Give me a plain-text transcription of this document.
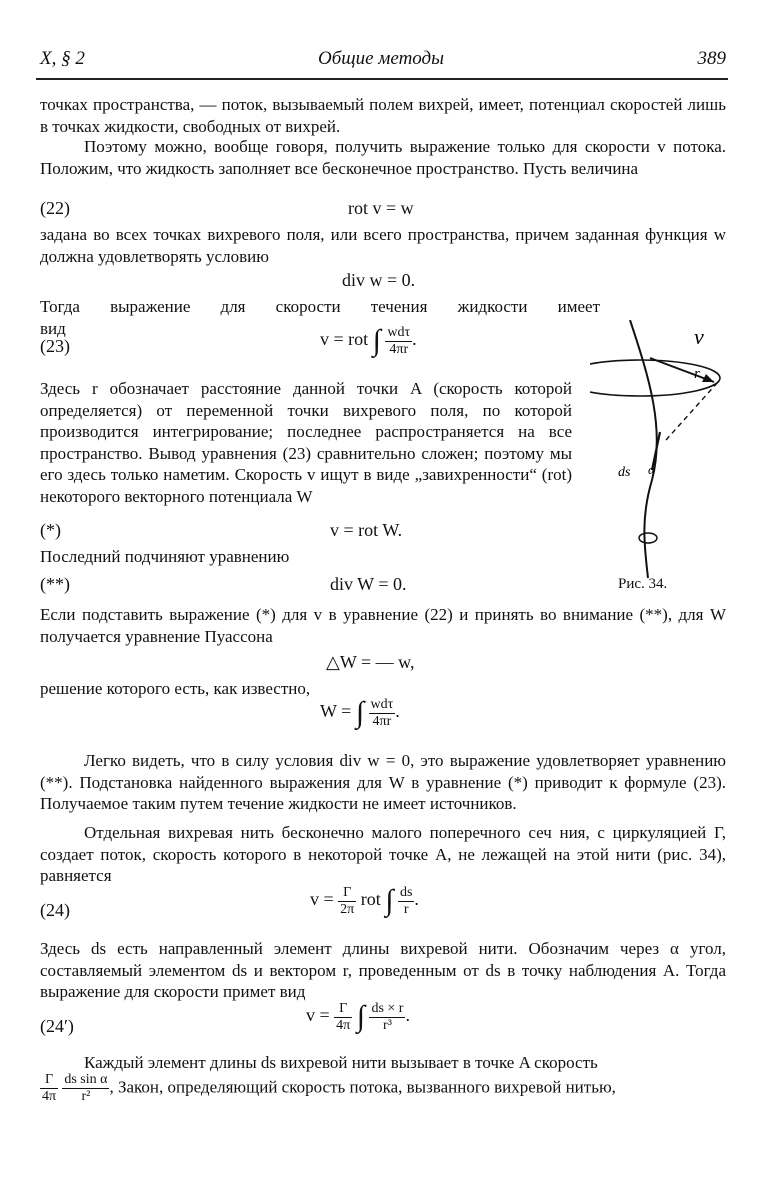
X, § 2	Общие методы	389
точках пространства, — поток, вызываемый полем вихрей, имеет, потенциал скоростей лишь в точках жидкости, свободных от вихрей.
Поэтому можно, вообще говоря, получить выражение только для скорости v потока. Положим, что жидкость заполняет все бесконечное пространство. Пусть величина
(22)	rot v = w
задана во всех точках вихревого поля, или всего пространства, причем заданная функция w должна удовлетворять условию
div w = 0.
Тогда выражение для скорости течения жидкости имеет вид
(23)	v = rot ∫ $\frac{\text{wdτ}}{4\pi r}$ .
Здесь r обозначает расстояние данной точки A (скорость которой определяется) от переменной точки вихревого поля, по которой производится интегрирование; последнее распространяется на все пространство. Вывод уравнения (23) сравнительно сложен; поэтому мы его здесь только наметим. Скорость v ищут в виде „завихренности“ (rot) некоторого векторного потенциала W
(*)	v = rot W.
Последний подчиняют уравнению
(**)	div W = 0.	Рис. 34.
v
r
ds α
Если подставить выражение (*) для v в уравнение (22) и принять во внимание (**), для W получается уравнение Пуассона
△W = — w,
решение которого есть, как известно,
W = ∫ $\frac{\text{wdτ}}{4\pi r}$ .
Легко видеть, что в силу условия div w = 0, это выражение удовлетворяет уравнению (**). Подстановка найденного выражения для W в уравнение (*) приводит к формуле (23). Получаемое таким путем течение жидкости не имеет источников.
Отдельная вихревая нить бесконечно малого поперечного сеч ния, с циркуляцией Γ, создает поток, скорость которого в некоторой точке A, не лежащей на этой нити (рис. 34), равняется
(24)
$v = \frac{\Gamma}{2\pi}$ rot ∫ $\frac{ds}{r}$ .
Здесь ds есть направленный элемент длины вихревой нити. Обозначим через α угол, составляемый элементом ds и вектором r, проведенным от ds в точку наблюдения A. Тогда выражение для скорости примет вид
(24′)
$v = \frac{\Gamma}{4\pi}$ ∫ $\frac{ds \times r}{\text{r³}}$ .
Каждый элемент длины ds вихревой нити вызывает в точке A скорость
$\frac{\Gamma}{4\pi}$
$\frac{\text{ds sin α}}{\text{r²}}$ , Закон, определяющий скорость потока, вызванного вихревой нитью,
